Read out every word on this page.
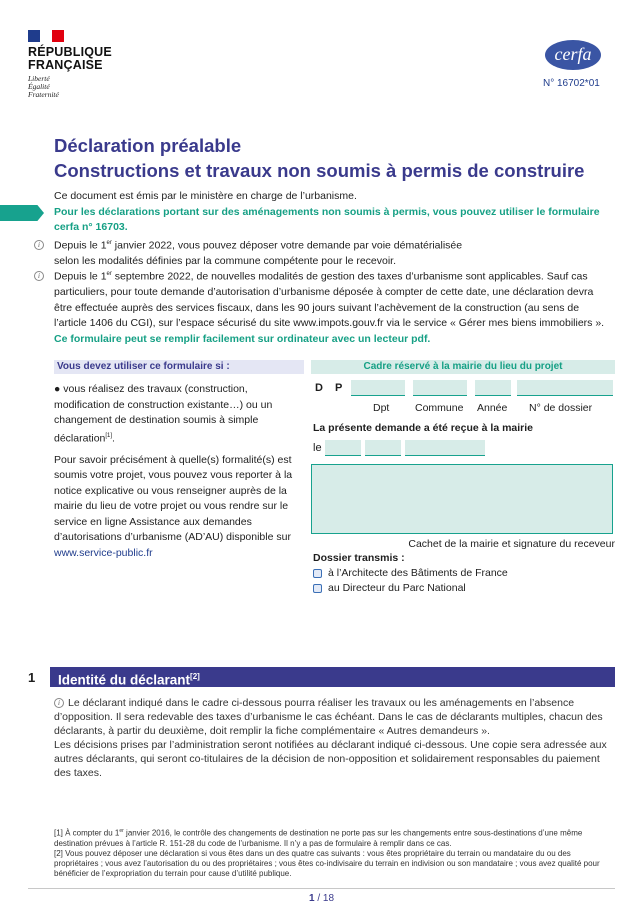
RÉPUBLIQUE
FRANÇAISE
Liberté
Égalité
Fraternité
cerfa
N° 16702*01
Déclaration préalable
Constructions et travaux non soumis à permis de construire

Ce document est émis par le ministère en charge de l’urbanisme.

Pour les déclarations portant sur des aménagements non soumis à permis, vous pouvez utiliser le formulaire cerfa n° 16703.

i	Depuis le 1er janvier 2022, vous pouvez déposer votre demande par voie dématérialisée

selon les modalités définies par la commune compétente pour le recevoir.

i	Depuis le 1er septembre 2022, de nouvelles modalités de gestion des taxes d’urbanisme sont applicables. Sauf cas particuliers, pour toute demande d’autorisation d’urbanisme déposée à compter de cette date, une déclaration devra être effectuée auprès des services fiscaux, dans les 90 jours suivant l’achèvement de la construction (au sens de l’article 1406 du CGI), sur l’espace sécurisé du site www.impots.gouv.fr via le service « Gérer mes biens immobiliers ».

Ce formulaire peut se remplir facilement sur ordinateur avec un lecteur pdf.

Vous devez utiliser ce formulaire si :

● vous réalisez des travaux (construction, modification de construction existante…) ou un changement de destination soumis à simple déclaration[1].

Pour savoir précisément à quelle(s) formalité(s) est soumis votre projet, vous pouvez vous reporter à la notice explicative ou vous renseigner auprès de la mairie du lieu de votre projet ou vous rendre sur le service en ligne Assistance aux demandes d’autorisations d’urbanisme (AD’AU) disponible sur
www.service-public.fr

Cadre réservé à la mairie du lieu du projet
D P
Dpt Commune Année N° de dossier
La présente demande a été reçue à la mairie
le
Cachet de la mairie et signature du receveur
Dossier transmis :
à l’Architecte des Bâtiments de France
au Directeur du Parc National
1	Identité du déclarant[2]

i Le déclarant indiqué dans le cadre ci-dessous pourra réaliser les travaux ou les aménagements en l’absence d’opposition. Il sera redevable des taxes d’urbanisme le cas échéant. Dans le cas de déclarants multiples, chacun des déclarants, à partir du deuxième, doit remplir la fiche complémentaire « Autres demandeurs ».

Les décisions prises par l’administration seront notifiées au déclarant indiqué ci-dessous. Une copie sera adressée aux autres déclarants, qui seront co-titulaires de la décision de non-opposition et solidairement responsables du paiement des taxes.

[1] À compter du 1er janvier 2016, le contrôle des changements de destination ne porte pas sur les changements entre sous-destinations d’une même destination prévues à l’article R. 151-28 du code de l’urbanisme. Il n’y a pas de formulaire à remplir dans ce cas.

[2] Vous pouvez déposer une déclaration si vous êtes dans un des quatre cas suivants : vous êtes propriétaire du terrain ou mandataire du ou des propriétaires ; vous avez l’autorisation du ou des propriétaires ; vous êtes co-indivisaire du terrain en indivision ou son mandataire ; vous avez qualité pour bénéficier de l’expropriation du terrain pour cause d’utilité publique.

1 / 18
